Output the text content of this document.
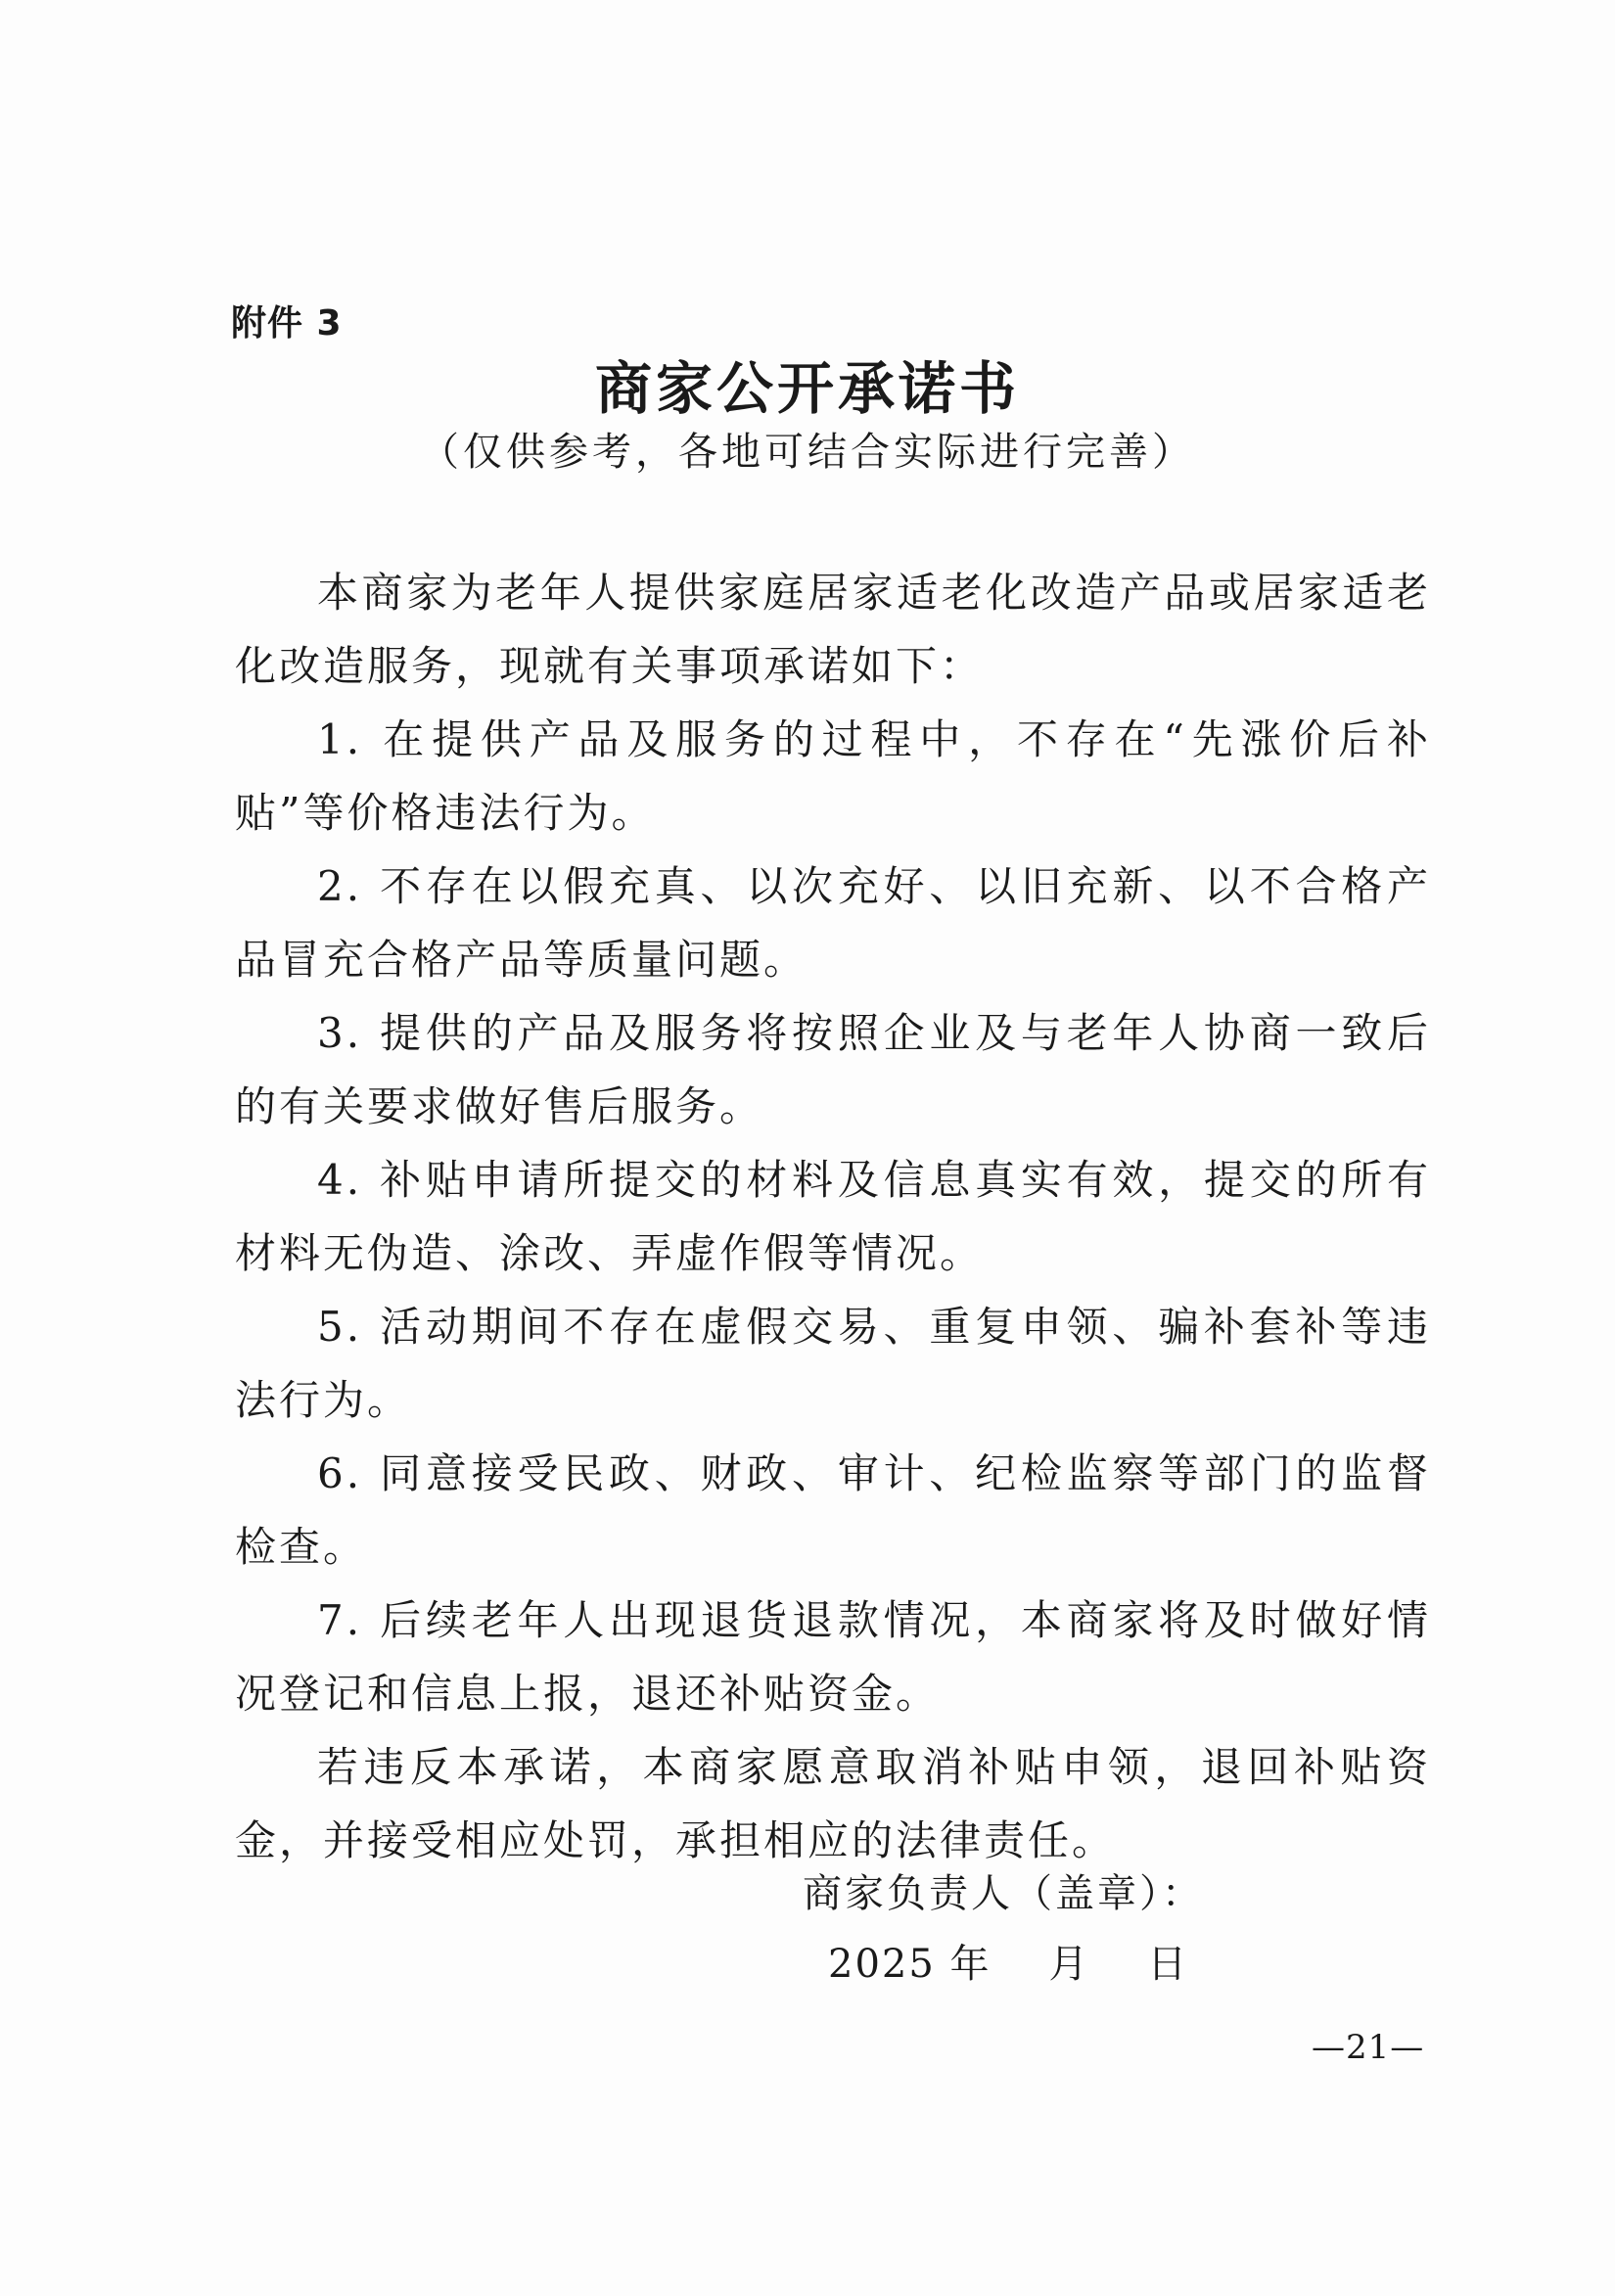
附件 3
商家公开承诺书
（仅供参考，各地可结合实际进行完善）

本商家为老年人提供家庭居家适老化改造产品或居家适老化改造服务，现就有关事项承诺如下：

1. 在提供产品及服务的过程中，不存在“先涨价后补贴”等价格违法行为。

2. 不存在以假充真、以次充好、以旧充新、以不合格产品冒充合格产品等质量问题。

3. 提供的产品及服务将按照企业及与老年人协商一致后的有关要求做好售后服务。

4. 补贴申请所提交的材料及信息真实有效，提交的所有材料无伪造、涂改、弄虚作假等情况。

5. 活动期间不存在虚假交易、重复申领、骗补套补等违法行为。

6. 同意接受民政、财政、审计、纪检监察等部门的监督检查。

7. 后续老年人出现退货退款情况，本商家将及时做好情况登记和信息上报，退还补贴资金。

若违反本承诺，本商家愿意取消补贴申领，退回补贴资金，并接受相应处罚，承担相应的法律责任。

商家负责人（盖章）：
2025 年    月    日
—21—
